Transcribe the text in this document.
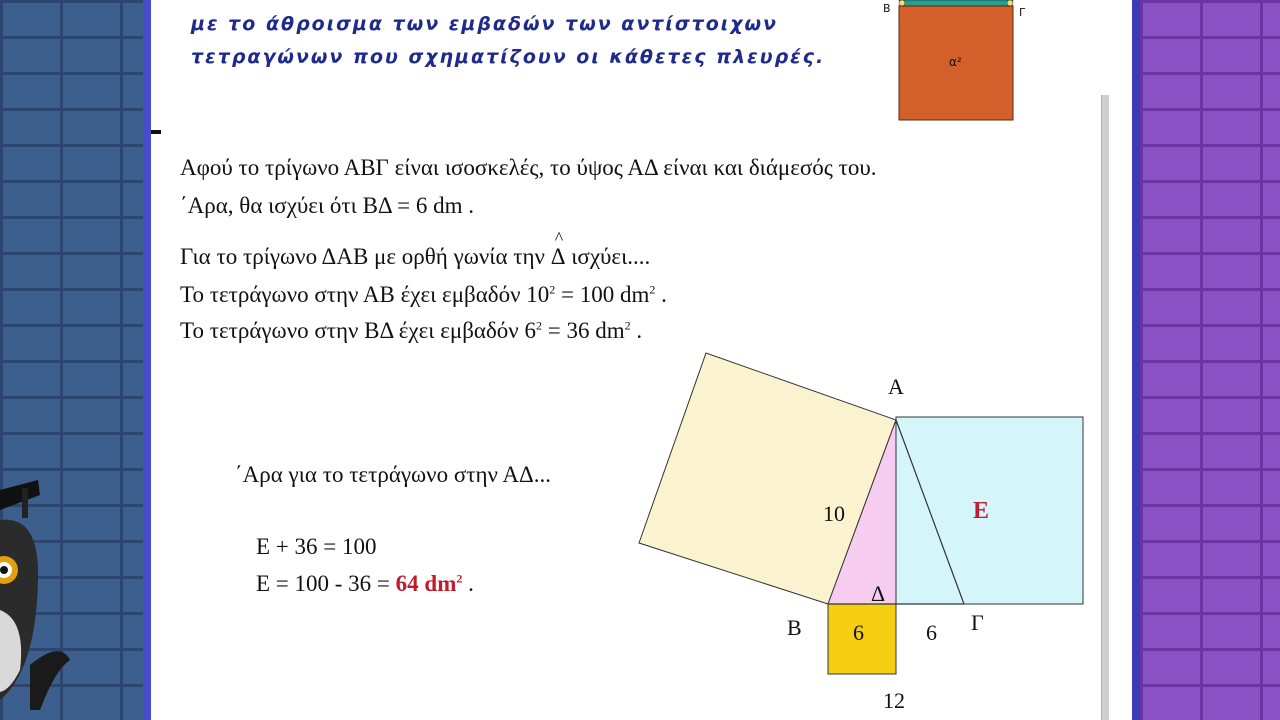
με το άθροισμα των εμβαδών των αντίστοιχων
τετραγώνων που σχηματίζουν οι κάθετες πλευρές.

Β	Γ
α²
Αφού το τρίγωνο ΑΒΓ είναι ισοσκελές, το ύψος ΑΔ είναι και διάμεσός του.
΄Αρα, θα ισχύει ότι ΒΔ = 6 dm .
Για το τρίγωνο ΔΑΒ με ορθή γωνία την
^
Δ ισχύει....
Το τετράγωνο στην ΑΒ έχει εμβαδόν $10^2 = 100$ $dm^2$ .
Το τετράγωνο στην ΒΔ έχει εμβαδόν $6^2 = 36$ $dm^2$ .
΄Αρα για το τετράγωνο στην ΑΔ...
Ε + 36 = 100
Ε = 100 - 36 = 64 $dm^2$ .
Α
Β	Γ
Δ
10
6	6
12
Ε
